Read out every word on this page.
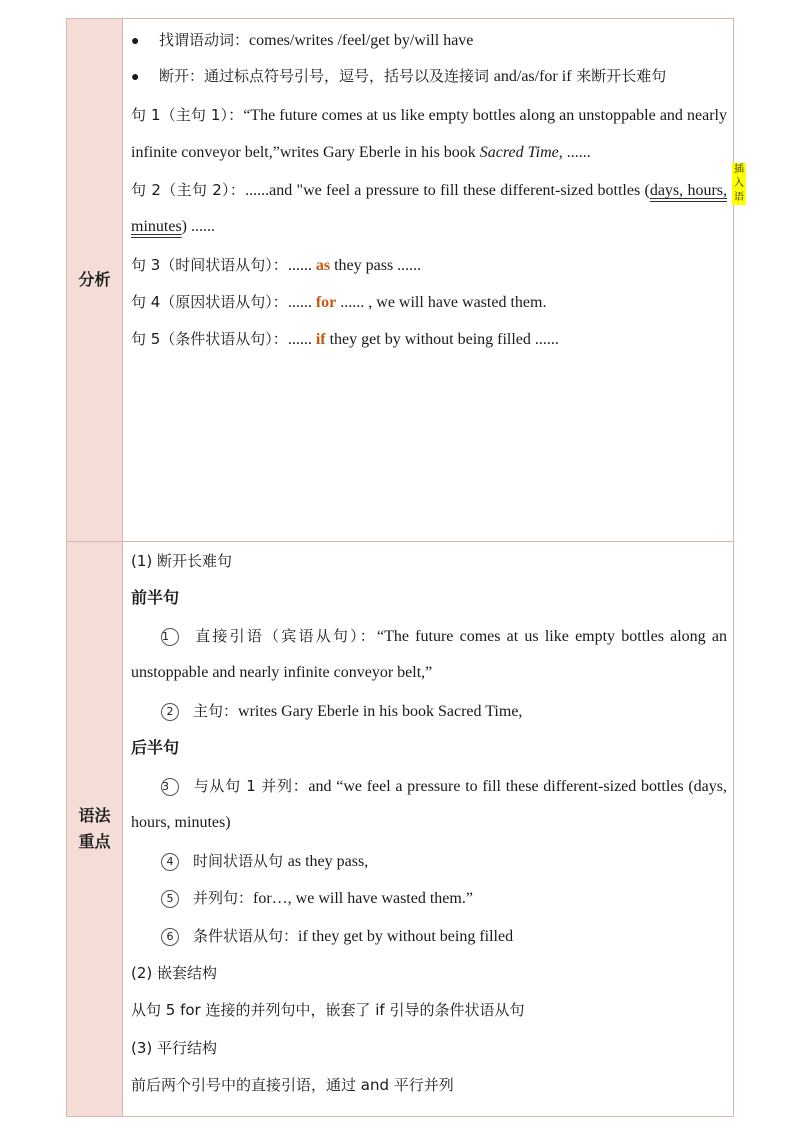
分析
● 找谓语动词：comes/writes /feel/get by/will have
● 断开：通过标点符号引号，逗号，括号以及连接词 and/as/for if 来断开长难句
句 1（主句 1）：“The future comes at us like empty bottles along an unstoppable and nearly
infinite conveyor belt,”writes Gary Eberle in his book Sacred Time, ......
插入语
句 2（主句 2）：......and "we feel a pressure to fill these different-sized bottles (days, hours,
minutes) ......
句 3（时间状语从句）：...... as they pass ......
句 4（原因状语从句）：...... for ...... , we will have wasted them.
句 5（条件状语从句）：...... if they get by without being filled ......
语法
重点
(1) 断开长难句
前半句
1 直接引语（宾语从句）：“The future comes at us like empty bottles along an
unstoppable and nearly infinite conveyor belt,”
2 主句：writes Gary Eberle in his book Sacred Time,
后半句
3 与从句 1 并列：and “we feel a pressure to fill these different-sized bottles (days,
hours, minutes)
4 时间状语从句 as they pass,
5 并列句：for…, we will have wasted them.”
6 条件状语从句：if they get by without being filled
(2) 嵌套结构
从句 5 for 连接的并列句中，嵌套了 if 引导的条件状语从句
(3) 平行结构
前后两个引号中的直接引语，通过 and 平行并列
